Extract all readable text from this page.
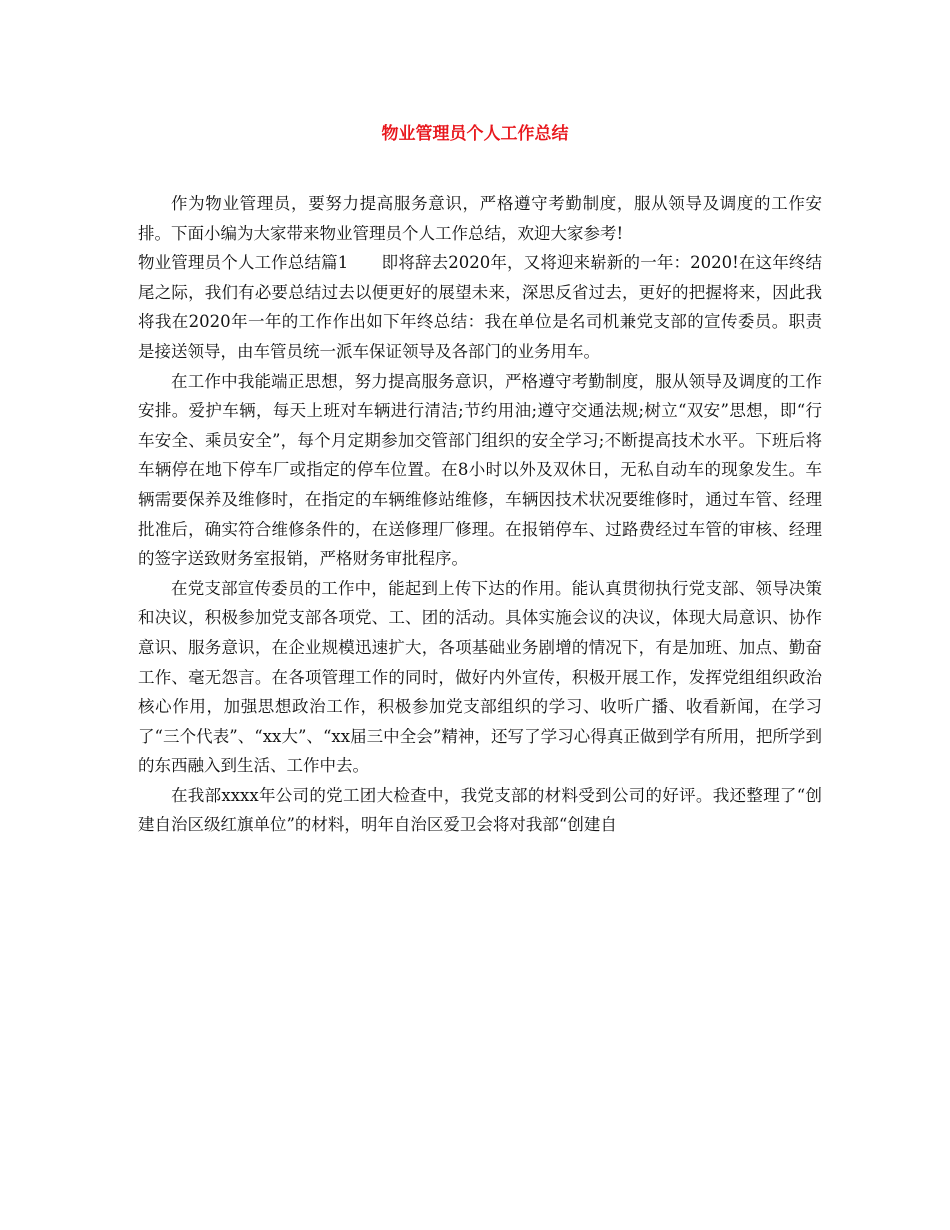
物业管理员个人工作总结

作为物业管理员，要努力提高服务意识，严格遵守考勤制度，服从领导及调度的工作安排。下面小编为大家带来物业管理员个人工作总结，欢迎大家参考!

物业管理员个人工作总结篇1　　即将辞去2020年，又将迎来崭新的一年：2020!在这年终结尾之际，我们有必要总结过去以便更好的展望未来，深思反省过去，更好的把握将来，因此我将我在2020年一年的工作作出如下年终总结：我在单位是名司机兼党支部的宣传委员。职责是接送领导，由车管员统一派车保证领导及各部门的业务用车。

在工作中我能端正思想，努力提高服务意识，严格遵守考勤制度，服从领导及调度的工作安排。爱护车辆，每天上班对车辆进行清洁;节约用油;遵守交通法规;树立“双安”思想，即“行车安全、乘员安全”，每个月定期参加交管部门组织的安全学习;不断提高技术水平。下班后将车辆停在地下停车厂或指定的停车位置。在8小时以外及双休日，无私自动车的现象发生。车辆需要保养及维修时，在指定的车辆维修站维修，车辆因技术状况要维修时，通过车管、经理批准后，确实符合维修条件的，在送修理厂修理。在报销停车、过路费经过车管的审核、经理的签字送致财务室报销，严格财务审批程序。

在党支部宣传委员的工作中，能起到上传下达的作用。能认真贯彻执行党支部、领导决策和决议，积极参加党支部各项党、工、团的活动。具体实施会议的决议，体现大局意识、协作意识、服务意识，在企业规模迅速扩大，各项基础业务剧增的情况下，有是加班、加点、勤奋工作、毫无怨言。在各项管理工作的同时，做好内外宣传，积极开展工作，发挥党组组织政治核心作用，加强思想政治工作，积极参加党支部组织的学习、收听广播、收看新闻，在学习了“三个代表”、“xx大”、“xx届三中全会”精神，还写了学习心得真正做到学有所用，把所学到的东西融入到生活、工作中去。

在我部xxxx年公司的党工团大检查中，我党支部的材料受到公司的好评。我还整理了“创建自治区级红旗单位”的材料，明年自治区爱卫会将对我部“创建自
